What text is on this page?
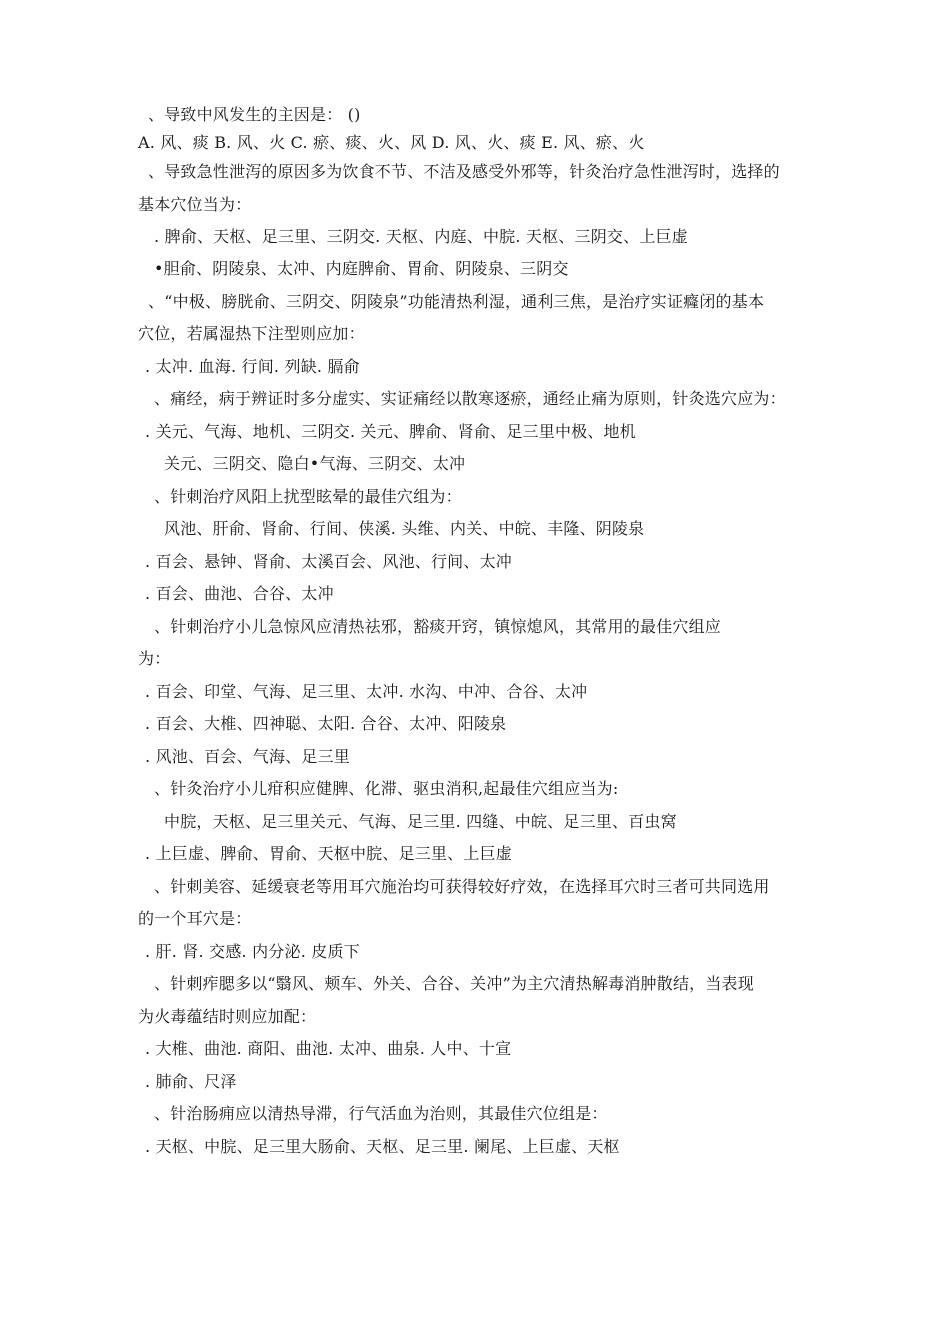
、导致中风发生的主因是： ()

A. 风、痰 B. 风、火 C. 瘀、痰、火、风 D. 风、火、痰 E. 风、瘀、火

、导致急性泄泻的原因多为饮食不节、不洁及感受外邪等，针灸治疗急性泄泻时，选择的

基本穴位当为：

. 脾俞、天枢、足三里、三阴交. 天枢、内庭、中脘. 天枢、三阴交、上巨虚

•胆俞、阴陵泉、太冲、内庭脾俞、胃俞、阴陵泉、三阴交

、“中极、膀胱俞、三阴交、阴陵泉”功能清热利湿，通利三焦，是治疗实证癃闭的基本

穴位，若属湿热下注型则应加：

. 太冲. 血海. 行间. 列缺. 膈俞

、痛经，病于辨证时多分虚实、实证痛经以散寒逐瘀，通经止痛为原则，针灸选穴应为：

. 关元、气海、地机、三阴交. 关元、脾俞、肾俞、足三里中极、地机

关元、三阴交、隐白•气海、三阴交、太冲

、针刺治疗风阳上扰型眩晕的最佳穴组为：

风池、肝俞、肾俞、行间、侠溪. 头维、内关、中皖、丰隆、阴陵泉

. 百会、悬钟、肾俞、太溪百会、风池、行间、太冲

. 百会、曲池、合谷、太冲

、针刺治疗小儿急惊风应清热祛邪，豁痰开窍，镇惊熄风，其常用的最佳穴组应

为：

. 百会、印堂、气海、足三里、太冲. 水沟、中冲、合谷、太冲

. 百会、大椎、四神聪、太阳. 合谷、太冲、阳陵泉

. 风池、百会、气海、足三里

、针灸治疗小儿疳积应健脾、化滞、驱虫消积,起最佳穴组应当为:

中脘，天枢、足三里关元、气海、足三里. 四缝、中皖、足三里、百虫窝

. 上巨虚、脾俞、胃俞、天枢中脘、足三里、上巨虚

、针刺美容、延缓衰老等用耳穴施治均可获得较好疗效，在选择耳穴时三者可共同选用

的一个耳穴是：

. 肝. 肾. 交感. 内分泌. 皮质下

、针刺痄腮多以“翳风、颊车、外关、合谷、关冲”为主穴清热解毒消肿散结，当表现

为火毒蕴结时则应加配：

. 大椎、曲池. 商阳、曲池. 太冲、曲泉. 人中、十宣

. 肺俞、尺泽

、针治肠痈应以清热导滞，行气活血为治则，其最佳穴位组是：

. 天枢、中脘、足三里大肠俞、天枢、足三里. 阑尾、上巨虚、天枢
